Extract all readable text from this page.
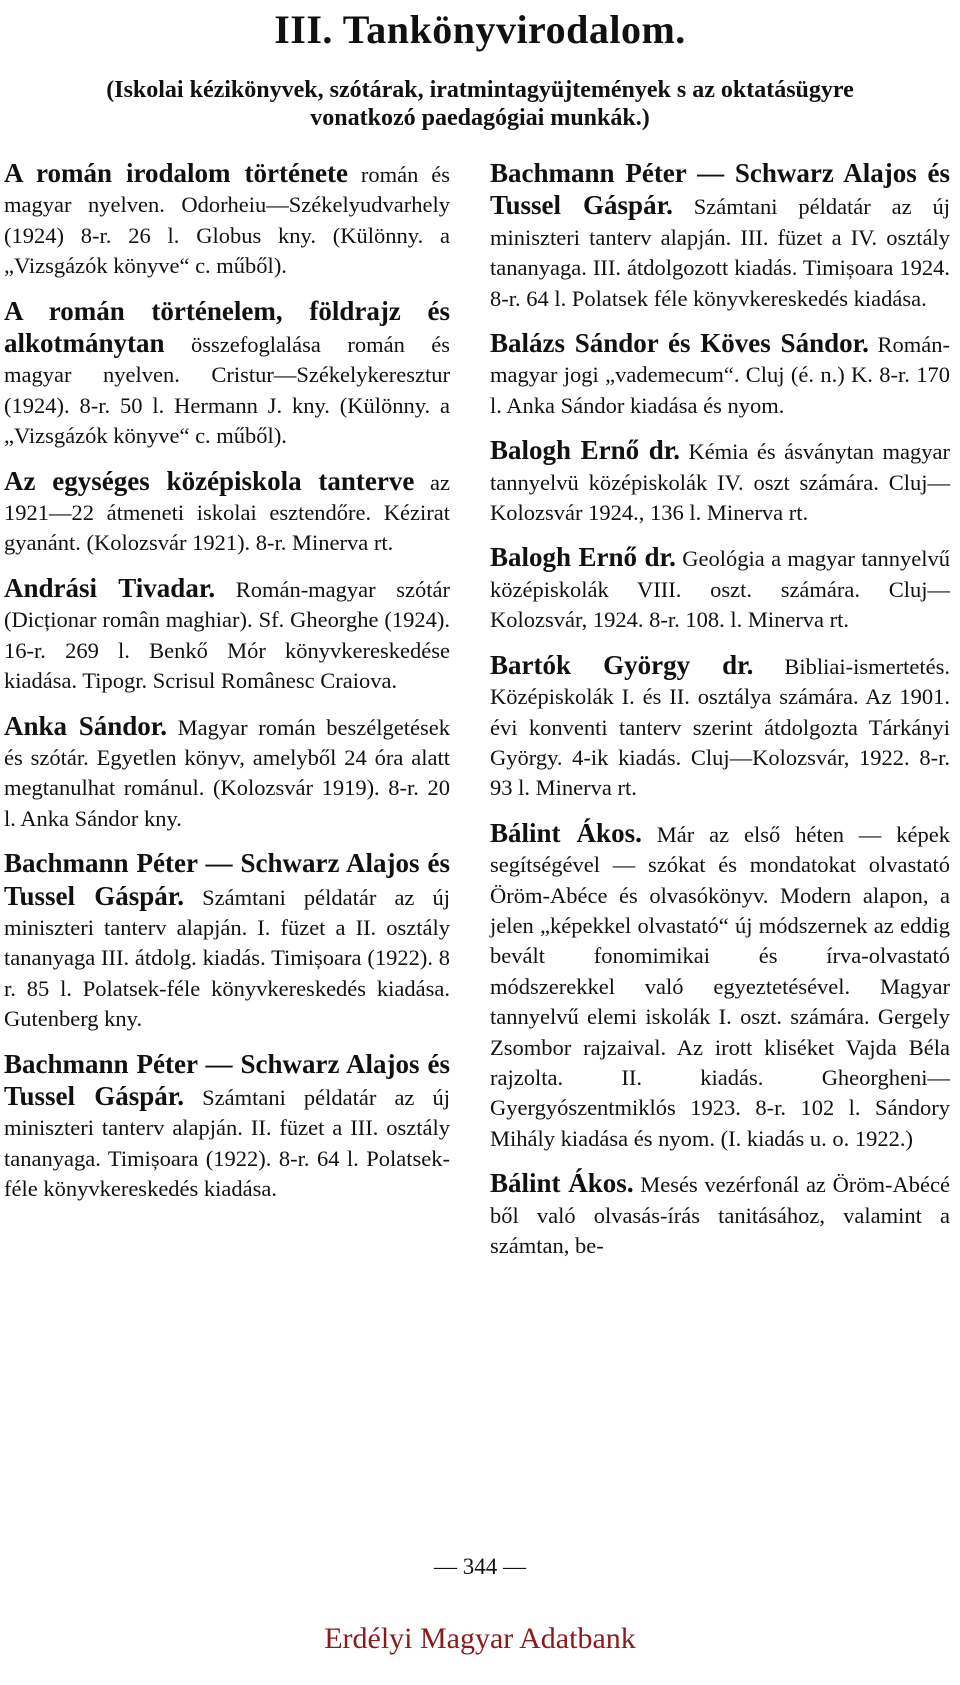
III. Tankönyvirodalom.
(Iskolai kézikönyvek, szótárak, iratmintagyüjtemények s az oktatásügyre
vonatkozó paedagógiai munkák.)

A román irodalom története román és magyar nyelven. Odorheiu—Székelyudvarhely (1924) 8-r. 26 l. Globus kny. (Különny. a „Vizsgázók könyve“ c. műből).

A román történelem, földrajz és alkotmánytan összefoglalása román és magyar nyelven. Cristur—Székelykeresztur (1924). 8-r. 50 l. Hermann J. kny. (Különny. a „Vizsgázók könyve“ c. műből).

Az egységes középiskola tanterve az 1921—22 átmeneti iskolai esztendőre. Kézirat gyanánt. (Kolozsvár 1921). 8-r. Minerva rt.

Andrási Tivadar. Román-magyar szótár (Dicționar român maghiar). Sf. Gheorghe (1924). 16-r. 269 l. Benkő Mór könyvkereskedése kiadása. Tipogr. Scrisul Românesc Craiova.

Anka Sándor. Magyar román beszélgetések és szótár. Egyetlen könyv, amelyből 24 óra alatt megtanulhat románul. (Kolozsvár 1919). 8-r. 20 l. Anka Sándor kny.

Bachmann Péter — Schwarz Alajos és Tussel Gáspár. Számtani példatár az új miniszteri tanterv alapján. I. füzet a II. osztály tananyaga III. átdolg. kiadás. Timișoara (1922). 8 r. 85 l. Polatsek-féle könyvkereskedés kiadása. Gutenberg kny.

Bachmann Péter — Schwarz Alajos és Tussel Gáspár. Számtani példatár az új miniszteri tanterv alapján. II. füzet a III. osztály tananyaga. Timișoara (1922). 8-r. 64 l. Polatsek-féle könyvkereskedés kiadása.

Bachmann Péter — Schwarz Alajos és Tussel Gáspár. Számtani példatár az új miniszteri tanterv alapján. III. füzet a IV. osztály tananyaga. III. átdolgozott kiadás. Timișoara 1924. 8-r. 64 l. Polatsek féle könyvkereskedés kiadása.

Balázs Sándor és Köves Sándor. Román-magyar jogi „vademecum“. Cluj (é. n.) K. 8-r. 170 l. Anka Sándor kiadása és nyom.

Balogh Ernő dr. Kémia és ásványtan magyar tannyelvü középiskolák IV. oszt számára. Cluj—Kolozsvár 1924., 136 l. Minerva rt.

Balogh Ernő dr. Geológia a magyar tannyelvű középiskolák VIII. oszt. számára. Cluj—Kolozsvár, 1924. 8-r. 108. l. Minerva rt.

Bartók György dr. Bibliai-ismertetés. Középiskolák I. és II. osztálya számára. Az 1901. évi konventi tanterv szerint átdolgozta Tárkányi György. 4-ik kiadás. Cluj—Kolozsvár, 1922. 8-r. 93 l. Minerva rt.

Bálint Ákos. Már az első héten — képek segítségével — szókat és mondatokat olvastató Öröm-Abéce és olvasókönyv. Modern alapon, a jelen „képekkel olvastató“ új módszernek az eddig bevált fonomimikai és írva-olvastató módszerekkel való egyeztetésével. Magyar tannyelvű elemi iskolák I. oszt. számára. Gergely Zsombor rajzaival. Az irott kliséket Vajda Béla rajzolta. II. kiadás. Gheorgheni—Gyergyószentmiklós 1923. 8-r. 102 l. Sándory Mihály kiadása és nyom. (I. kiadás u. o. 1922.)

Bálint Ákos. Mesés vezérfonál az Öröm-Abécé ből való olvasás-írás tanitásához, valamint a számtan, be-

— 344 —
Erdélyi Magyar Adatbank
